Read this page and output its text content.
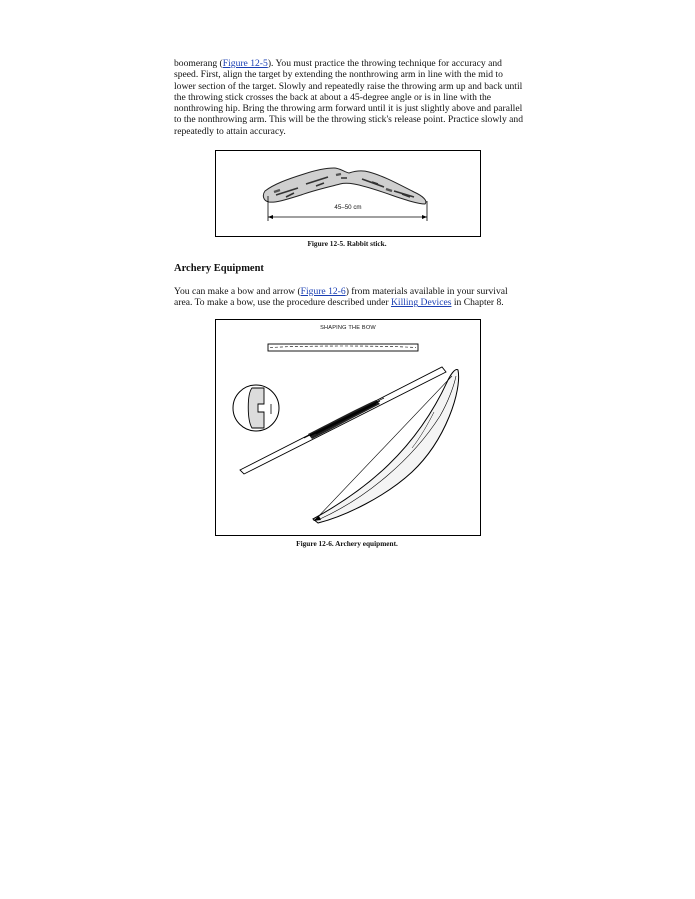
boomerang (Figure 12-5). You must practice the throwing technique for accuracy and speed. First, align the target by extending the nonthrowing arm in line with the mid to lower section of the target. Slowly and repeatedly raise the throwing arm up and back until the throwing stick crosses the back at about a 45-degree angle or is in line with the nonthrowing hip. Bring the throwing arm forward until it is just slightly above and parallel to the nonthrowing arm. This will be the throwing stick's release point. Practice slowly and repeatedly to attain accuracy.

45–50 cm

Figure 12-5. Rabbit stick.

Archery Equipment

You can make a bow and arrow (Figure 12-6) from materials available in your survival area. To make a bow, use the procedure described under Killing Devices in Chapter 8.

SHAPING THE BOW

Figure 12-6. Archery equipment.
